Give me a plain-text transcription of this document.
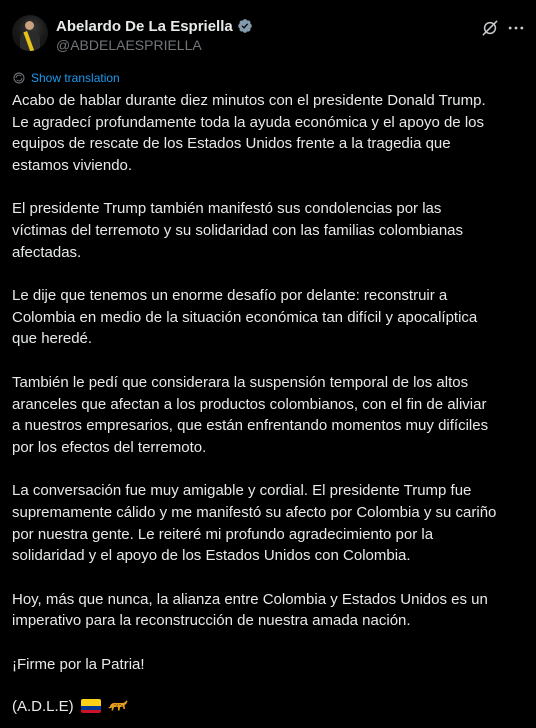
Abelardo De La Espriella
@ABDELAESPRIELLA
Show translation

Acabo de hablar durante diez minutos con el presidente Donald Trump.
Le agradecí profundamente toda la ayuda económica y el apoyo de los
equipos de rescate de los Estados Unidos frente a la tragedia que
estamos viviendo.

El presidente Trump también manifestó sus condolencias por las
víctimas del terremoto y su solidaridad con las familias colombianas
afectadas.

Le dije que tenemos un enorme desafío por delante: reconstruir a
Colombia en medio de la situación económica tan difícil y apocalíptica
que heredé.

También le pedí que considerara la suspensión temporal de los altos
aranceles que afectan a los productos colombianos, con el fin de aliviar
a nuestros empresarios, que están enfrentando momentos muy difíciles
por los efectos del terremoto.

La conversación fue muy amigable y cordial. El presidente Trump fue
supremamente cálido y me manifestó su afecto por Colombia y su cariño
por nuestra gente. Le reiteré mi profundo agradecimiento por la
solidaridad y el apoyo de los Estados Unidos con Colombia.

Hoy, más que nunca, la alianza entre Colombia y Estados Unidos es un
imperativo para la reconstrucción de nuestra amada nación.

¡Firme por la Patria!

(A.D.L.E)
